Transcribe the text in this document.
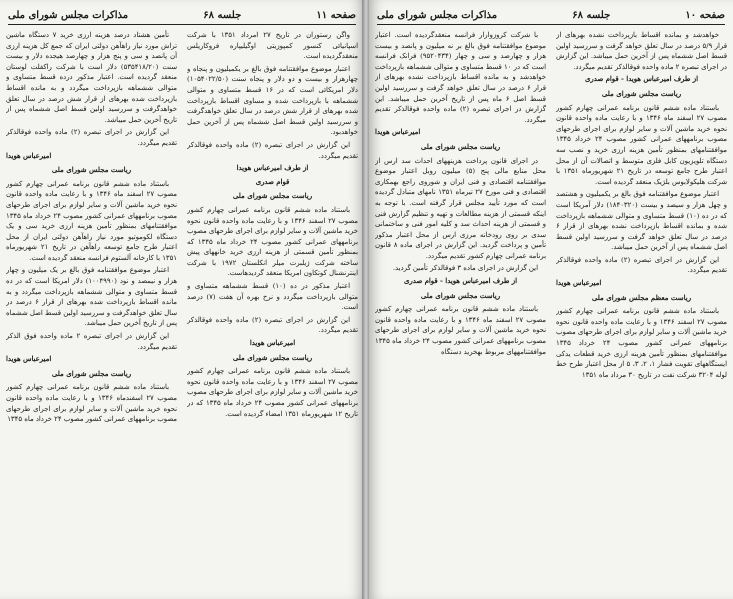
صفحه ۱۱
جلسه ۶۸
مذاکرات مجلس شورای ملی

واگن رستوران در تاریخ ۲۷ امرداد ۱۳۵۱ با شرکت اسپانیائی کنسور کمپوزیتی اوگیلیپاره فروکاریلس منعقدگردیده است.

اعتبار موضوع موافقتنامه فوق بالغ بر یکمیلیون و پنجاه و چهارهزار و بیست و دو دلار و پنجاه سنت (۱۰۵۴۰۲۲/۵۰) دلار امریکائی است که در ۱۶ قسط متساوی و متوالی ششماهه با بازپرداخت شده و مساوی اقساط بازپرداخت شده بهرهای از قرار شش درصد در سال تعلق خواهدگرفت و سررسید اولین قسط اصل ششماه پس از آخرین حمل خواهدبود.

این گزارش در اجرای تبصره (۲) ماده واحده فوقالذکر تقدیم میگردد.

از طرف امیرعباس هویدا

قوام صدری

ریاست مجلس شورای ملی

باستناد ماده ششم قانون برنامه عمرانی چهارم کشور مصوب ۲۷ اسفند ۱۳۴۶ و با رعایت ماده واحده قانون نحوه خرید ماشین آلات و سایر لوازم برای اجرای طرحهای مصوب برنامههای عمرانی کشور مصوب ۲۴ خرداد ماه ۱۳۴۵ که بمنظور تأمین قسمتی از هزینه ارزی خرید خانههای پیش ساخته شرکت ژیلبرت میلر انکلستان ۱۹۷۲ با شرکت اینترنشنال کوتکاون امریکا منعقد گردیدهاست.

اعتبار مذکور در ده (۱۰) قسط ششماهه متساوی و متوالی بازپرداخت میگردد و نرخ بهره آن هفت (۷) درصد است.

این گزارش در اجرای تبصره (۲) ماده واحده فوقالذکر تقدیم میگردد.

امیرعباس هویدا

ریاست مجلس شورای ملی

باستناد ماده ششم قانون برنامه عمرانی چهارم کشور مصوب ۲۷ اسفند ۱۳۴۶ و با رعایت ماده واحده قانون نحوه خرید ماشین آلات و سایر لوازم برای اجرای طرحهای مصوب برنامههای عمرانی کشور مصوب ۲۴ خرداد ماه ۱۳۴۵ که در تاریخ ۱۲ شهریورماه ۱۳۵۱ امضاء گردیده است.

تأمین هشتاد درصد هزینه ارزی خرید ۷ دستگاه ماشین تراش مورد نیاز راهآهن دولتی ایران که جمع کل هزینه ارزی آن پانصد و سی و پنج هزار و چهارصد هیجده دلار و بیست سنت (۵۳۵۴۱۸/۲۰) دلار است با شرکت راکفلت لوستان منعقد گردیده است. اعتبار مذکور درده قسط متساوی و متوالی ششماهه بازپرداخت میگردد و به مانده اقساط بازپرداخت شده بهرهای از قرار شش درصد در سال تعلق خواهدگرفت و سررسید اولین قسط اصل ششماه پس از تاریخ آخرین حمل میباشد.

این گزارش در اجرای تبصره (۲) ماده واحده فوقالذکر تقدیم میگردد.

امیرعباس هویدا

ریاست مجلس شورای ملی

باستناد ماده ششم قانون برنامه عمرانی چهارم کشور مصوب ۲۷ اسفند ماه ۱۳۴۶ و با رعایت ماده واحده قانون نحوه خرید ماشین آلات و سایر لوازم برای اجرای طرحهای مصوب برنامههای عمرانی کشور مصوب ۲۴ خرداد ماه ۱۳۴۵ موافقتنامهای بمنظور تأمین هزینه ارزی خرید سی و یک دستگاه لکوموتیو مورد نیاز راهآهن دولتی ایران از محل اعتبار طرح جامع توسعه راهآهن در تاریخ ۲۱ شهریورماه ۱۳۵۱ با کارخانه آلستوم فرانسه منعقد گردیده است.

اعتبار موضوع موافقتنامه فوق بالغ بر یک میلیون و چهار هزار و نیمصد و نود (۱۰۰۴۹۹۰) دلار امریکا است که در ده قسط متساوی و متوالی ششماهه بازپرداخت میگردد و به مانده اقساط بازپرداخت شده بهرهای از قرار ۶ درصد در سال تعلق خواهدگرفت و سررسید اولین قسط اصل ششماه پس از تاریخ آخرین حمل میباشد.

این گزارش در اجرای تبصره ۲ ماده واحده فوق الذکر تقدیم میگردد.

امیرعباس هویدا

ریاست مجلس شورای ملی

باستناد ماده ششم قانون برنامه عمرانی چهارم کشور مصوب ۲۷ اسفندماه ۱۳۴۶ و با رعایت ماده واحده قانون نحوه خرید ماشین آلات و سایر لوازم برای اجرای طرحهای مصوب برنامههای عمرانی کشور مصوب ۲۴ خرداد ماه ۱۳۴۵

صفحه ۱۰
جلسه ۶۸
مذاکرات مجلس شورای ملی

خواهدشد و بمانده اقساط بازپرداخت نشده بهرهای از قرار ۵/۹ درصد در سال تعلق خواهد گرفت و سررسید اولین قسط اصل ششماه پس از آخرین حمل میباشد. این گزارش در اجرای تبصره ۲ ماده واحده فوقالذکر تقدیم میگردد.

از طرف امیرعباس هویدا - قوام صدری

ریاست مجلس شورای ملی

باستناد ماده ششم قانون برنامه عمرانی چهارم کشور مصوب ۲۷ اسفند ماه ۱۳۴۶ و با رعایت ماده واحده قانون نحوه خرید ماشین آلات و سایر لوازم برای اجرای طرحهای مصوب برنامههای عمرانی کشور مصوب ۲۴ خرداد ۱۳۴۵ موافقتنامهای بمنظور تأمین هزینه ارزی خرید و نصب سه دستگاه تلویزیون کابل فلزی متوسط و اتصالات آن از محل اعتبار طرح جامع توسعه در تاریخ ۲۱ شهریورماه ۱۳۵۱ با شرکت هلیکولابوس بلژیک منعقد گردیده است.

اعتبار موضوع موافقتنامه فوق بالغ بر یکمیلیون و هشتصد و چهل هزار و سیصد و بیست (۱۸۴۰۳۲۰) دلار آمریکا است که در ده (۱۰) قسط متساوی و متوالی ششماهه بازپرداخت شده و بمانده اقساط بازپرداخت نشده بهرهای از قرار ۶ درصد در سال تعلق خواهد گرفت و سررسید اولین قسط اصل ششماه پس از آخرین حمل میباشد.

این گزارش در اجرای تبصره (۲) ماده واحده فوقالذکر تقدیم میگردد.

امیرعباس هویدا

ریاست معظم مجلس شورای ملی

باستناد ماده ششم قانون برنامه عمرانی چهارم کشور مصوب ۲۷ اسفند ۱۳۴۶ و با رعایت ماده واحده قانون نحوه خرید ماشین آلات و سایر لوازم برای اجرای طرحهای مصوب برنامههای عمرانی کشور مصوب ۲۴ خرداد ۱۳۴۵ موافقتنامهای بمنظور تأمین هزینه ارزی خرید قطعات یدکی ایستگاههای تقویت فشار ۱، ۲، ۳، ۵ از محل اعتبار طرح خط لوله ۳۲۰۴ شرکت نفت در تاریخ ۳۰ مرداد ماه ۱۳۵۱

با شرکت کروزوارار فرانسه منعقدگردیده است. اعتبار موضوع موافقتنامه فوق بالغ بر نه میلیون و پانصد و بیست هزار و چهارصد و سی و چهار (۹۵۲۰۴۳۴) فرانک فرانسه است که در ۱۰ قسط متساوی و متوالی ششماهه بازپرداخت خواهدشد و به مانده اقساط بازپرداخت نشده بهرهای از قرار ۶ درصد در سال تعلق خواهد گرفت و سررسید اولین قسط اصل ۶ ماه پس از تاریخ آخرین حمل میباشد. این گزارش در اجرای تبصره (۲) ماده واحده فوقالذکر تقدیم میگردد.

امیرعباس هویدا

ریاست مجلس شورای ملی

در اجرای قانون پرداخت هزینههای احداث سد ارس از محل منابع مالی پنج (۵) میلیون روبل اعتبار موضوع موافقتنامه اقتصادی و فنی ایران و شوروی راجع بهمکاری اقتصادی و فنی مورخ ۲۷ تیرماه ۱۳۵۱ نامهای متبادل گردیده است که مورد تأیید مجلس قرار گرفته است. با توجه به اینکه قسمتی از هزینه مطالعات و تهیه و تنظیم گزارش فنی و قسمتی از هزینه احداث سد و کلیه امور فنی و ساختمانی سدی بر روی رودخانه مرزی ارس از محل اعتبار مذکور تأمین و پرداخت گردید. این گزارش در اجرای ماده ۸ قانون برنامه عمرانی چهارم کشور تقدیم میگردد.

این گزارش در اجرای ماده ۳ فوقالذکر تأمین گردید.

از طرف امیرعباس هویدا - قوام صدری

ریاست مجلس شورای ملی

باستناد ماده ششم قانون برنامه عمرانی چهارم کشور مصوب ۲۷ اسفند ماه ۱۳۴۶ و با رعایت ماده واحده قانون نحوه خرید ماشین آلات و سایر لوازم برای اجرای طرحهای مصوب برنامههای عمرانی کشور مصوب ۲۴ خرداد ماه ۱۳۴۵ موافقتنامههای مربوط بهخرید دستگاه
